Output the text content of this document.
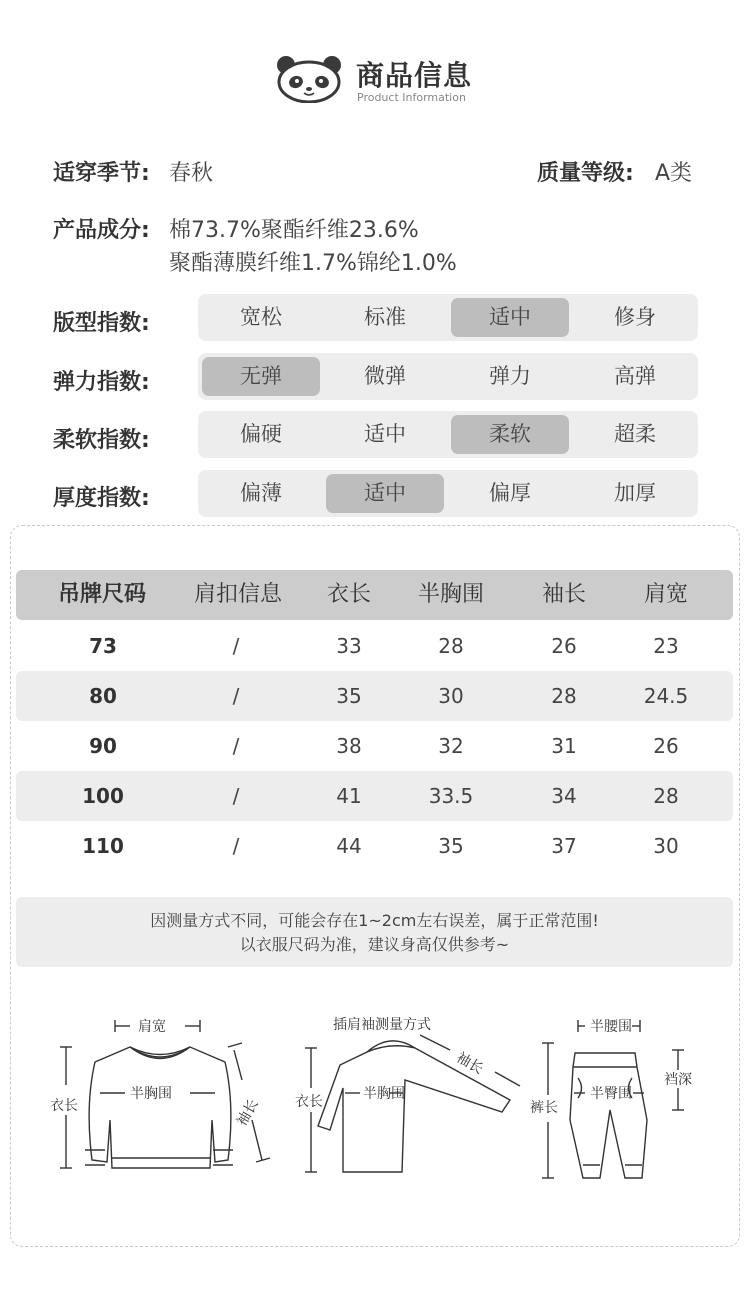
商品信息
Product Information
适穿季节: 春秋	质量等级: A类
产品成分: 棉73.7%聚酯纤维23.6%
聚酯薄膜纤维1.7%锦纶1.0%
版型指数:	宽松	标准	适中	修身
弹力指数:	无弹	微弹	弹力	高弹
柔软指数:	偏硬	适中	柔软	超柔
厚度指数:	偏薄	适中	偏厚	加厚
吊牌尺码	肩扣信息	衣长	半胸围	袖长	肩宽
73	/	33	28	26	23
80	/	35	30	28	24.5
90	/	38	32	31	26
100	/	41	33.5	34	28
110	/	44	35	37	30
因测量方式不同，可能会存在1~2cm左右误差，属于正常范围!
以衣服尺码为准，建议身高仅供参考~
肩宽
半胸围
衣长	袖长
插肩袖测量方式
半胸围
衣长
袖长
半腰围
半臀围
裤长
裆深
